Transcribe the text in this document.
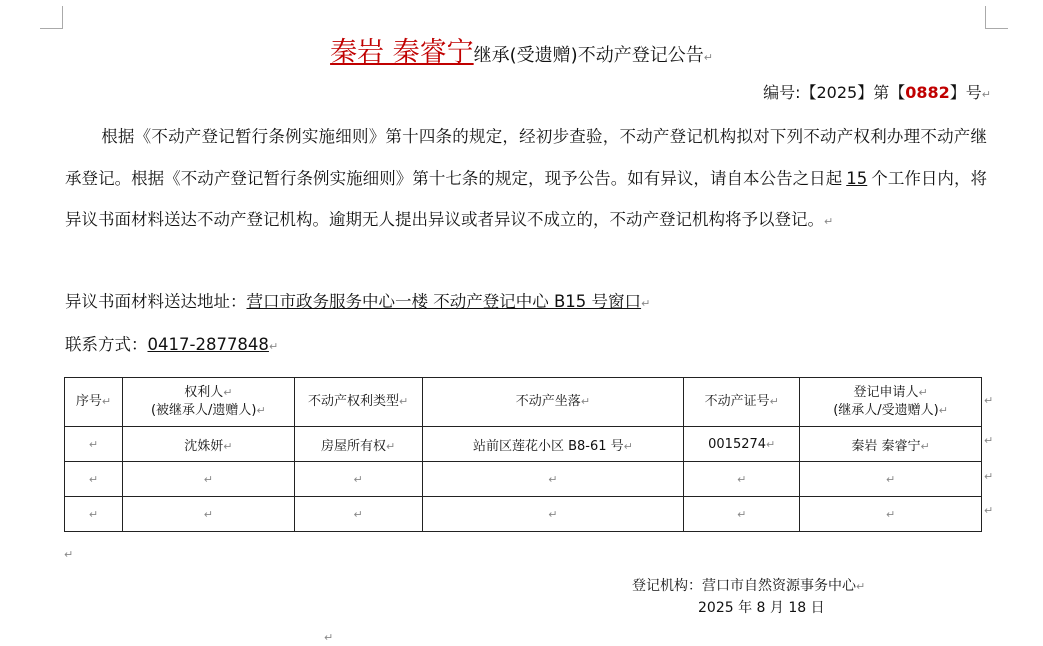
秦岩 秦睿宁继承(受遗赠)不动产登记公告↵
编号:【2025】第【0882】号↵
根据《不动产登记暂行条例实施细则》第十四条的规定，经初步查验，不动产登记机构拟对下列不动产权利办理不动产继承登记。根据《不动产登记暂行条例实施细则》第十七条的规定，现予公告。如有异议，请自本公告之日起 15 个工作日内，将异议书面材料送达不动产登记机构。逾期无人提出异议或者异议不成立的，不动产登记机构将予以登记。↵
异议书面材料送达地址：营口市政务服务中心一楼 不动产登记中心 B15 号窗口↵
联系方式：0417-2877848↵
序号↵	权利人↵
(被继承人/遗赠人)↵	不动产权利类型↵	不动产坐落↵	不动产证号↵	登记申请人↵
(继承人/受遗赠人)↵
↵	沈姝妍↵	房屋所有权↵	站前区莲花小区 B8-61 号↵	0015274↵	秦岩 秦睿宁↵
↵	↵	↵	↵	↵	↵
↵	↵	↵	↵	↵	↵
↵
↵
↵
↵
↵
登记机构：营口市自然资源事务中心↵
2025 年 8 月 18 日
↵
